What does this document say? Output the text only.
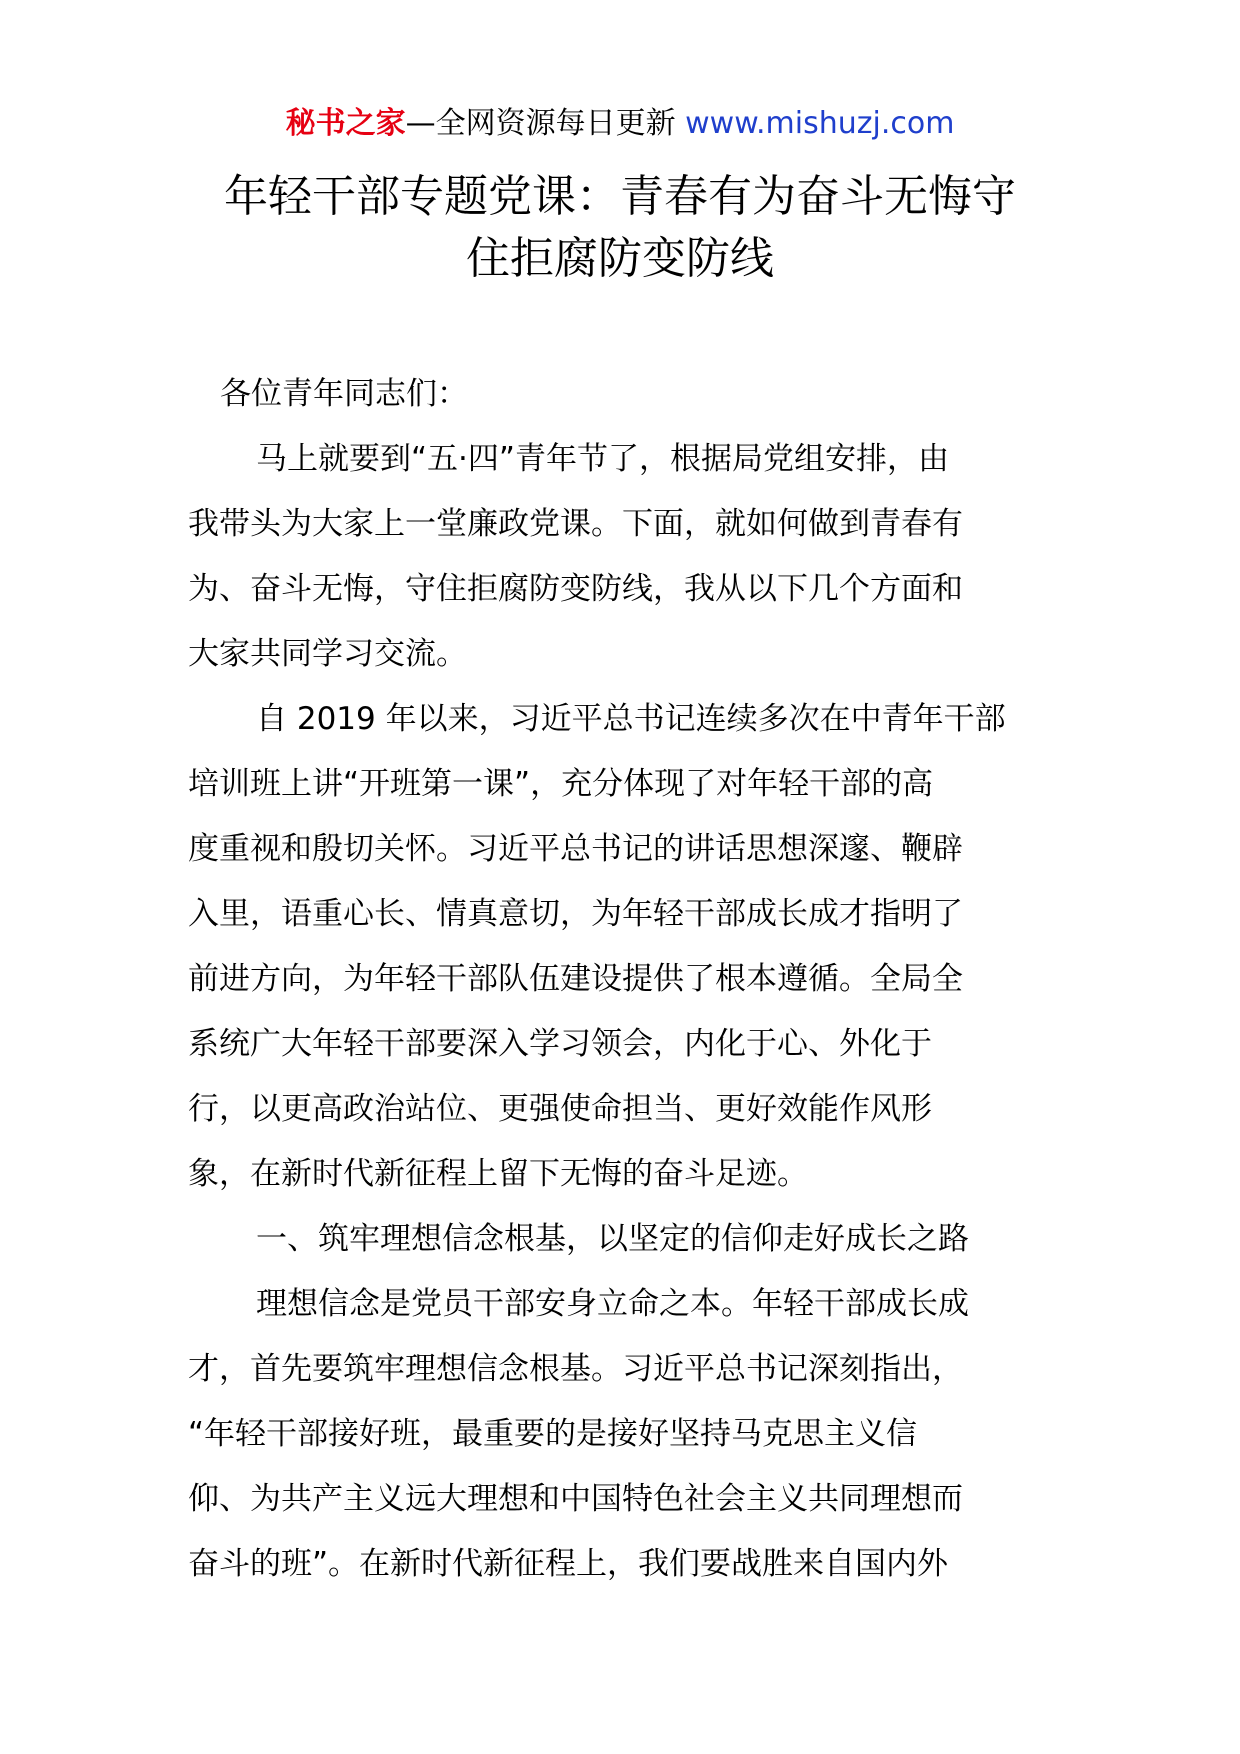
秘书之家—全网资源每日更新 www.mishuzj.com
年轻干部专题党课：青春有为奋斗无悔守
住拒腐防变防线
各位青年同志们：
马上就要到“五·四”青年节了，根据局党组安排，由
我带头为大家上一堂廉政党课。下面，就如何做到青春有
为、奋斗无悔，守住拒腐防变防线，我从以下几个方面和
大家共同学习交流。
自 2019 年以来，习近平总书记连续多次在中青年干部
培训班上讲“开班第一课”，充分体现了对年轻干部的高
度重视和殷切关怀。习近平总书记的讲话思想深邃、鞭辟
入里，语重心长、情真意切，为年轻干部成长成才指明了
前进方向，为年轻干部队伍建设提供了根本遵循。全局全
系统广大年轻干部要深入学习领会，内化于心、外化于
行，以更高政治站位、更强使命担当、更好效能作风形
象，在新时代新征程上留下无悔的奋斗足迹。
一、筑牢理想信念根基，以坚定的信仰走好成长之路
理想信念是党员干部安身立命之本。年轻干部成长成
才，首先要筑牢理想信念根基。习近平总书记深刻指出，
“年轻干部接好班，最重要的是接好坚持马克思主义信
仰、为共产主义远大理想和中国特色社会主义共同理想而
奋斗的班”。在新时代新征程上，我们要战胜来自国内外
